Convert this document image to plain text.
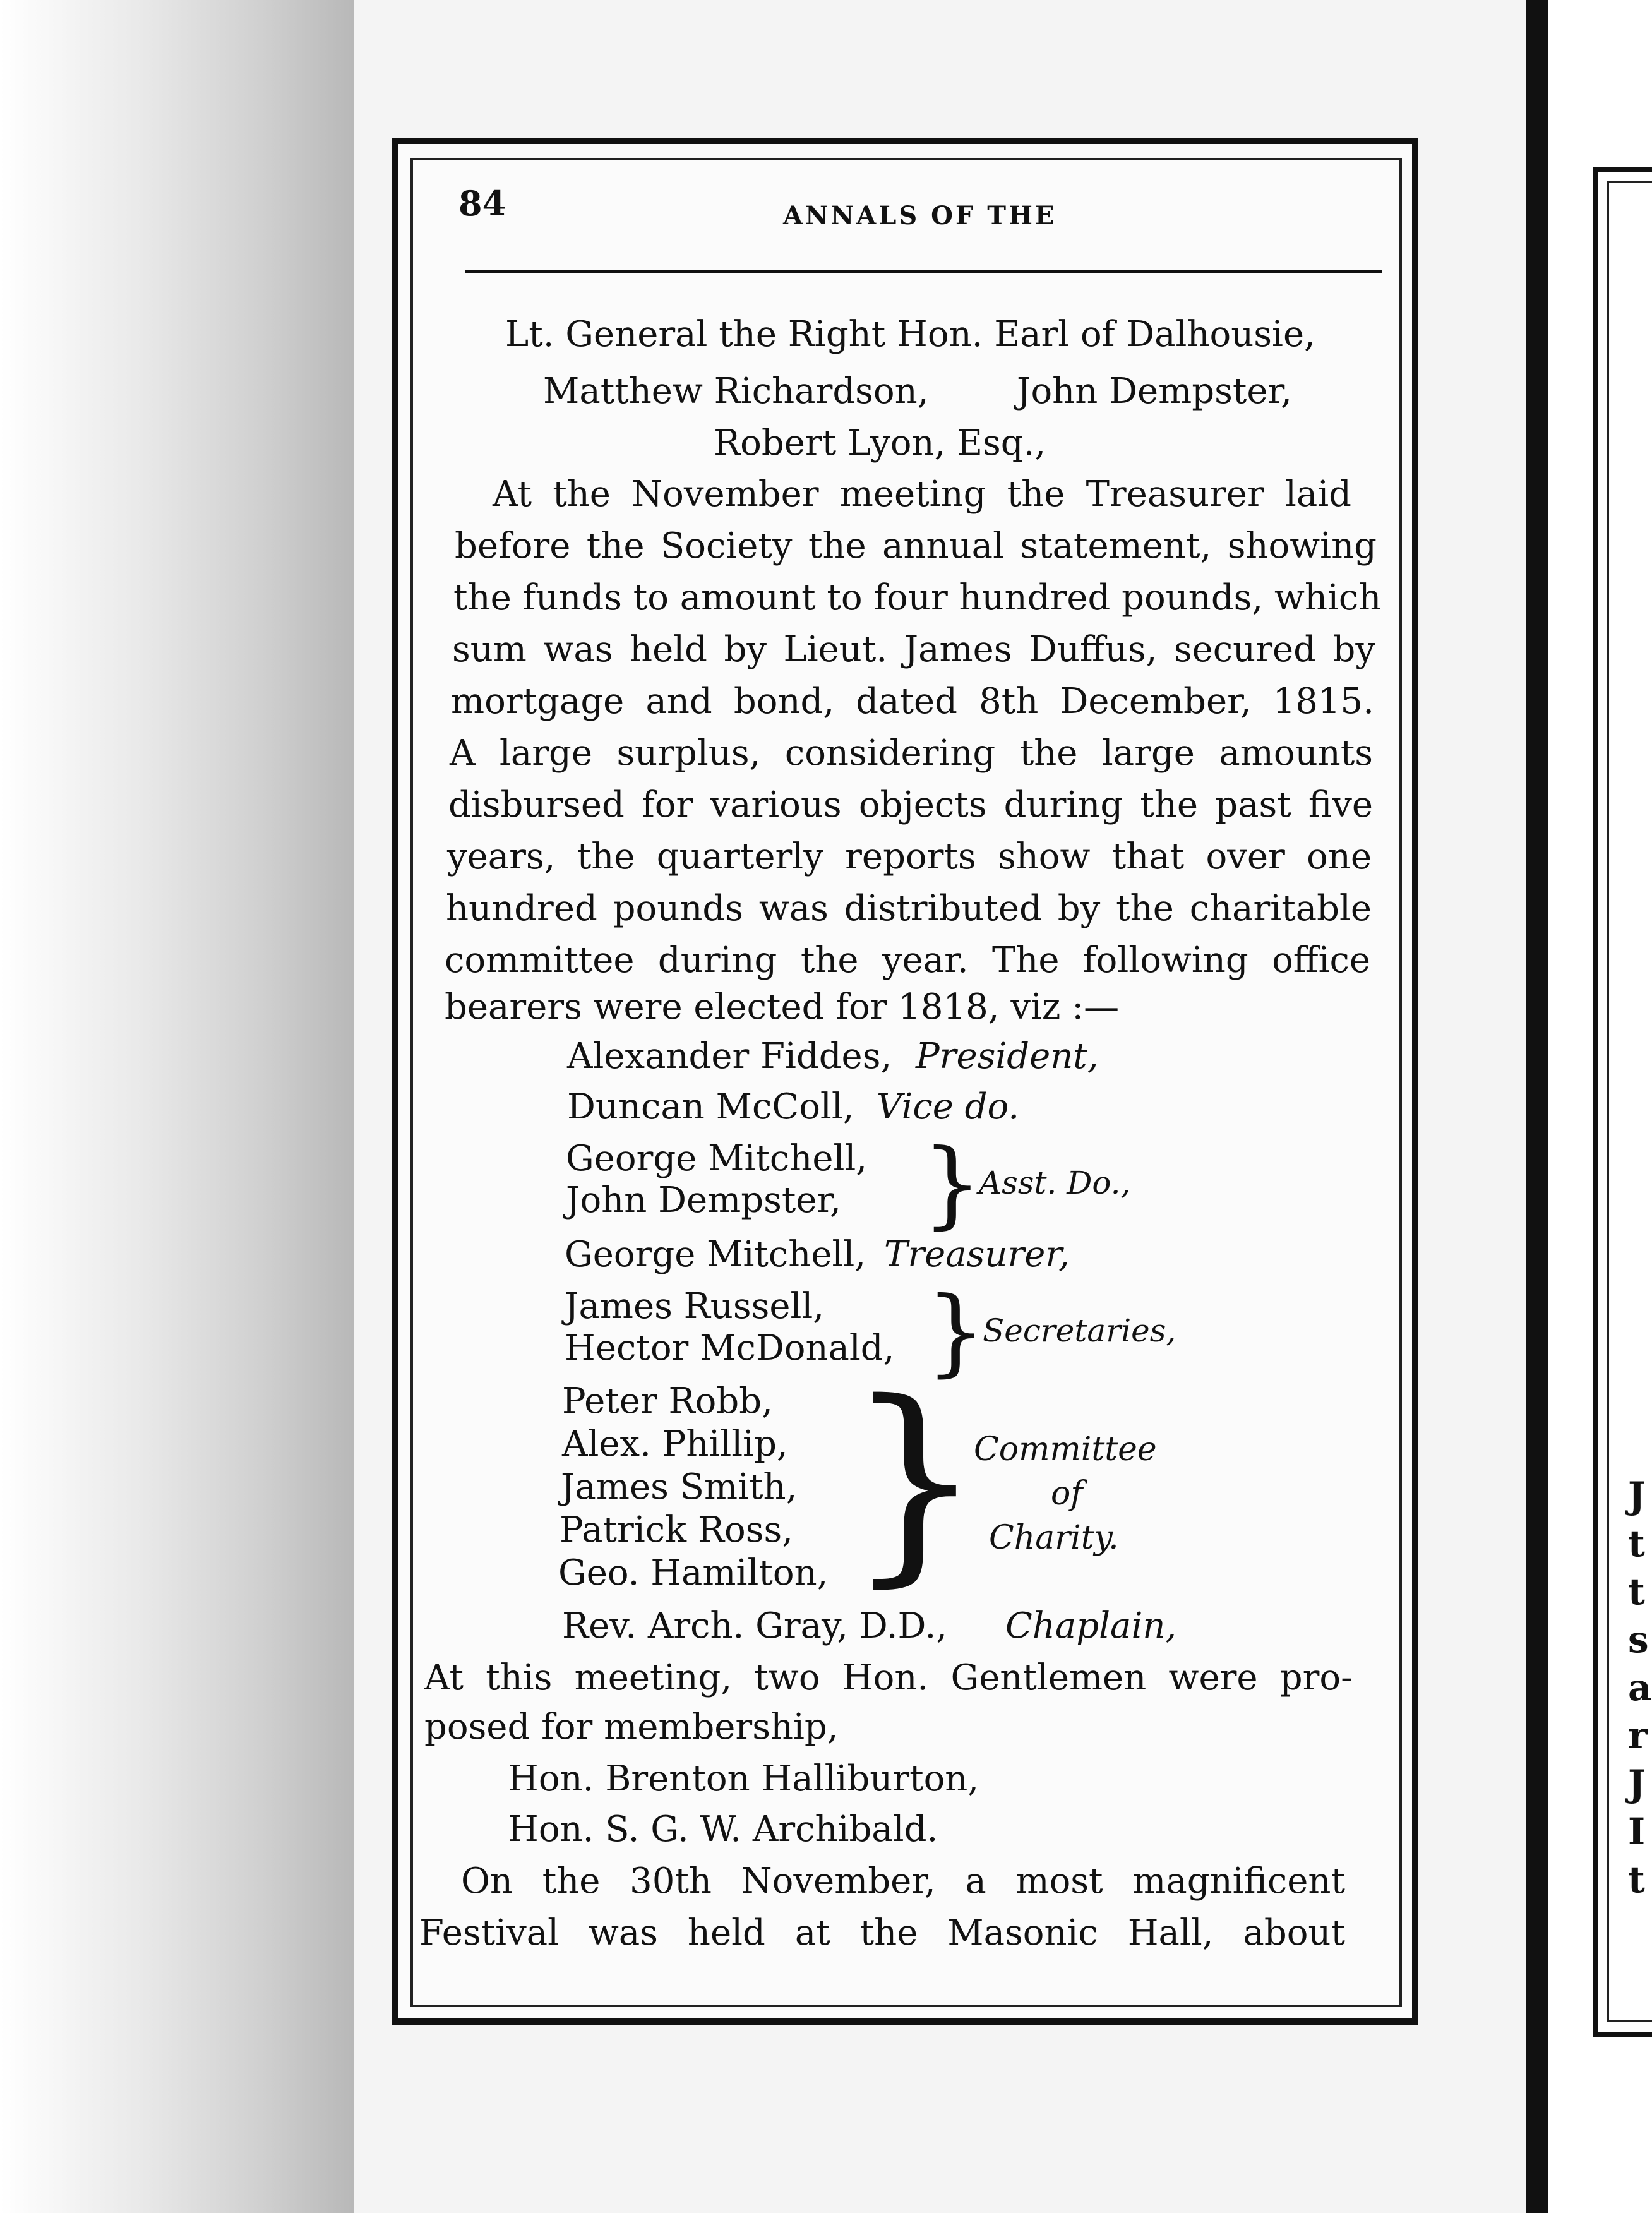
J
t
t
s
a
r
J
I
t
84	ANNALS OF THE
Lt. General the Right Hon. Earl of Dalhousie,
Matthew Richardson, John Dempster,
Robert Lyon, Esq.,
At the November meeting the Treasurer laid
before the Society the annual statement, showing
the funds to amount to four hundred pounds, which
sum was held by Lieut. James Duffus, secured by
mortgage and bond, dated 8th December, 1815.
A large surplus, considering the large amounts
disbursed for various objects during the past five
years, the quarterly reports show that over one
hundred pounds was distributed by the charitable
committee during the year. The following office
bearers were elected for 1818, viz :—
Alexander Fiddes, President,
Duncan McColl, Vice do.
George Mitchell,
John Dempster, }
Asst. Do.,
George Mitchell, Treasurer,
James Russell,
Hector McDonald, }
Secretaries,
Peter Robb,
Alex. Phillip,
James Smith,
Patrick Ross,
Geo. Hamilton, }
Committee
of
Charity.
Rev. Arch. Gray, D.D., Chaplain,
At this meeting, two Hon. Gentlemen were pro-
posed for membership,
Hon. Brenton Halliburton,
Hon. S. G. W. Archibald.
On the 30th November, a most magnificent
Festival was held at the Masonic Hall, about
